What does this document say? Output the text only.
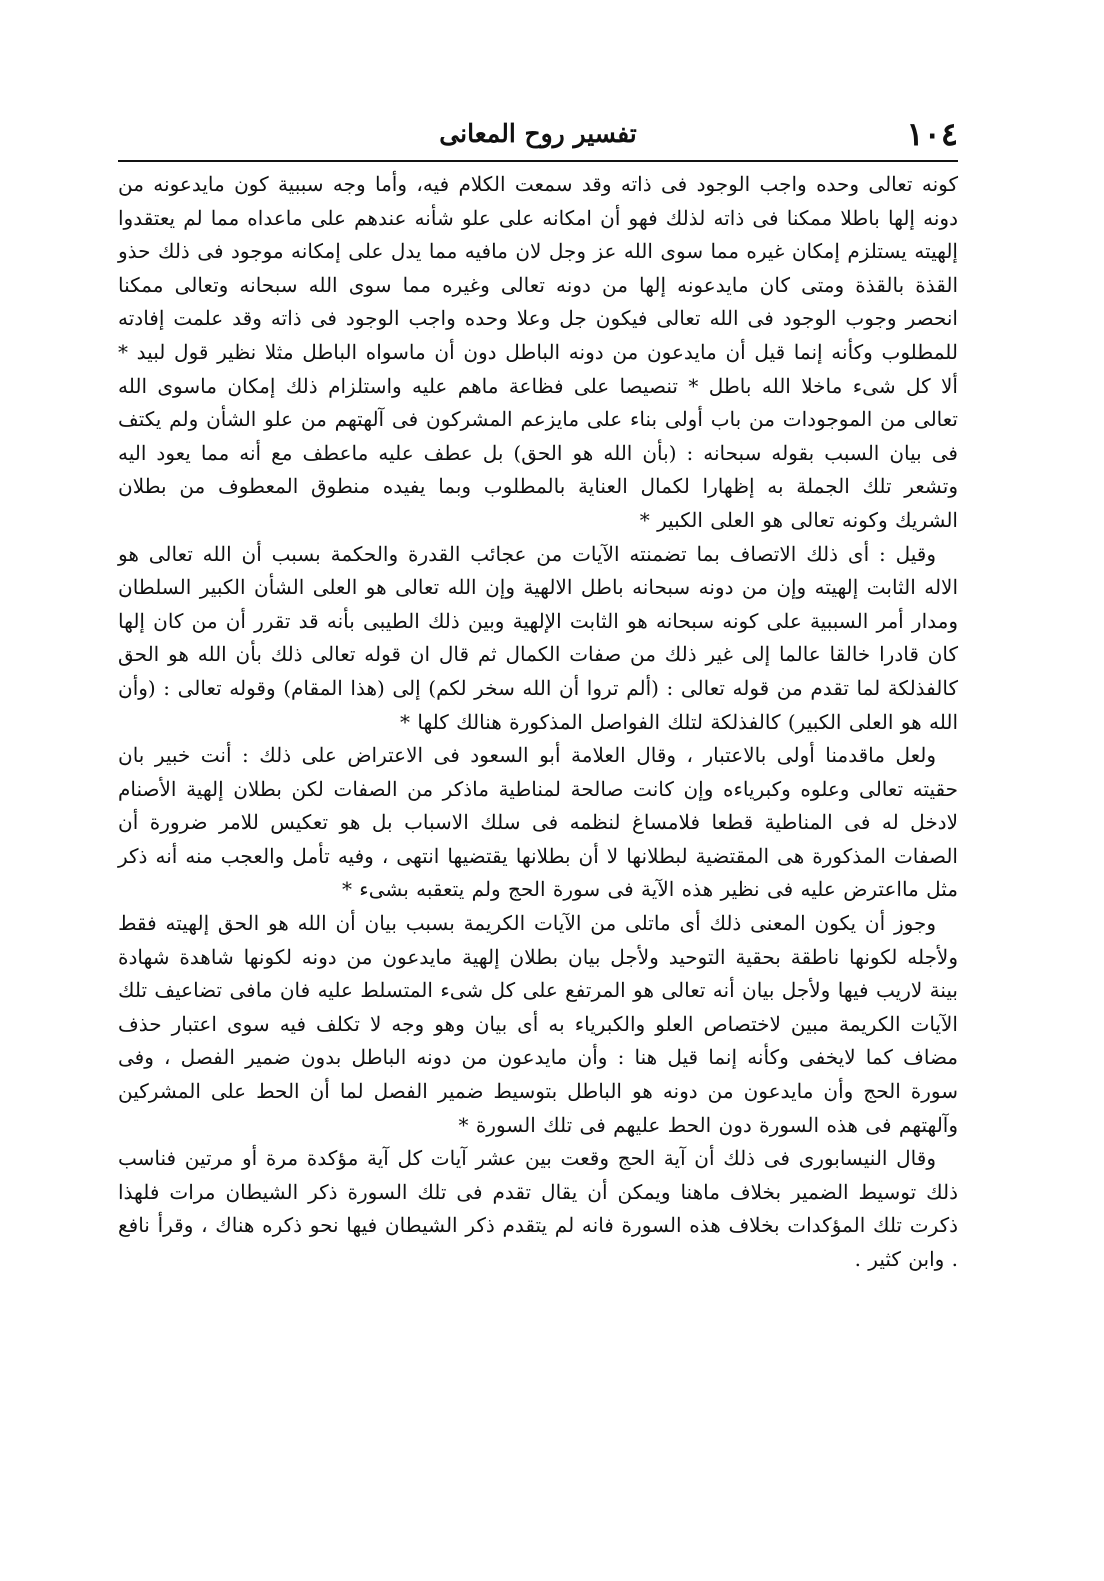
١٠٤
تفسير روح المعانى

كونه تعالى وحده واجب الوجود فى ذاته وقد سمعت الكلام فيه، وأما وجه سببية كون مايدعونه من دونه إلها باطلا ممكنا فى ذاته لذلك فهو أن امكانه على علو شأنه عندهم على ماعداه مما لم يعتقدوا إلهيته يستلزم إمكان غيره مما سوى الله عز وجل لان مافيه مما يدل على إمكانه موجود فى ذلك حذو القذة بالقذة ومتى كان مايدعونه إلها من دونه تعالى وغيره مما سوى الله سبحانه وتعالى ممكنا انحصر وجوب الوجود فى الله تعالى فيكون جل وعلا وحده واجب الوجود فى ذاته وقد علمت إفادته للمطلوب وكأنه إنما قيل أن مايدعون من دونه الباطل دون أن ماسواه الباطل مثلا نظير قول لبيد * ألا كل شىء ماخلا الله باطل * تنصيصا على فظاعة ماهم عليه واستلزام ذلك إمكان ماسوى الله تعالى من الموجودات من باب أولى بناء على مايزعم المشركون فى آلهتهم من علو الشأن ولم يكتف فى بيان السبب بقوله سبحانه : (بأن الله هو الحق) بل عطف عليه ماعطف مع أنه مما يعود اليه وتشعر تلك الجملة به إظهارا لكمال العناية بالمطلوب وبما يفيده منطوق المعطوف من بطلان الشريك وكونه تعالى هو العلى الكبير *

وقيل : أى ذلك الاتصاف بما تضمنته الآيات من عجائب القدرة والحكمة بسبب أن الله تعالى هو الاله الثابت إلهيته وإن من دونه سبحانه باطل الالهية وإن الله تعالى هو العلى الشأن الكبير السلطان ومدار أمر السببية على كونه سبحانه هو الثابت الإلهية وبين ذلك الطيبى بأنه قد تقرر أن من كان إلها كان قادرا خالقا عالما إلى غير ذلك من صفات الكمال ثم قال ان قوله تعالى ذلك بأن الله هو الحق كالفذلكة لما تقدم من قوله تعالى : (ألم تروا أن الله سخر لكم) إلى (هذا المقام) وقوله تعالى : (وأن الله هو العلى الكبير) كالفذلكة لتلك الفواصل المذكورة هنالك كلها *

ولعل ماقدمنا أولى بالاعتبار ، وقال العلامة أبو السعود فى الاعتراض على ذلك : أنت خبير بان حقيته تعالى وعلوه وكبرياءه وإن كانت صالحة لمناطية ماذكر من الصفات لكن بطلان إلهية الأصنام لادخل له فى المناطية قطعا فلامساغ لنظمه فى سلك الاسباب بل هو تعكيس للامر ضرورة أن الصفات المذكورة هى المقتضية لبطلانها لا أن بطلانها يقتضيها انتهى ، وفيه تأمل والعجب منه أنه ذكر مثل مااعترض عليه فى نظير هذه الآية فى سورة الحج ولم يتعقبه بشىء *

وجوز أن يكون المعنى ذلك أى ماتلى من الآيات الكريمة بسبب بيان أن الله هو الحق إلهيته فقط ولأجله لكونها ناطقة بحقية التوحيد ولأجل بيان بطلان إلهية مايدعون من دونه لكونها شاهدة شهادة بينة لاريب فيها ولأجل بيان أنه تعالى هو المرتفع على كل شىء المتسلط عليه فان مافى تضاعيف تلك الآيات الكريمة مبين لاختصاص العلو والكبرياء به أى بيان وهو وجه لا تكلف فيه سوى اعتبار حذف مضاف كما لايخفى وكأنه إنما قيل هنا : وأن مايدعون من دونه الباطل بدون ضمير الفصل ، وفى سورة الحج وأن مايدعون من دونه هو الباطل بتوسيط ضمير الفصل لما أن الحط على المشركين وآلهتهم فى هذه السورة دون الحط عليهم فى تلك السورة *

وقال النيسابورى فى ذلك أن آية الحج وقعت بين عشر آيات كل آية مؤكدة مرة أو مرتين فناسب ذلك توسيط الضمير بخلاف ماهنا ويمكن أن يقال تقدم فى تلك السورة ذكر الشيطان مرات فلهذا ذكرت تلك المؤكدات بخلاف هذه السورة فانه لم يتقدم ذكر الشيطان فيها نحو ذكره هناك ، وقرأ نافع . وابن كثير .
